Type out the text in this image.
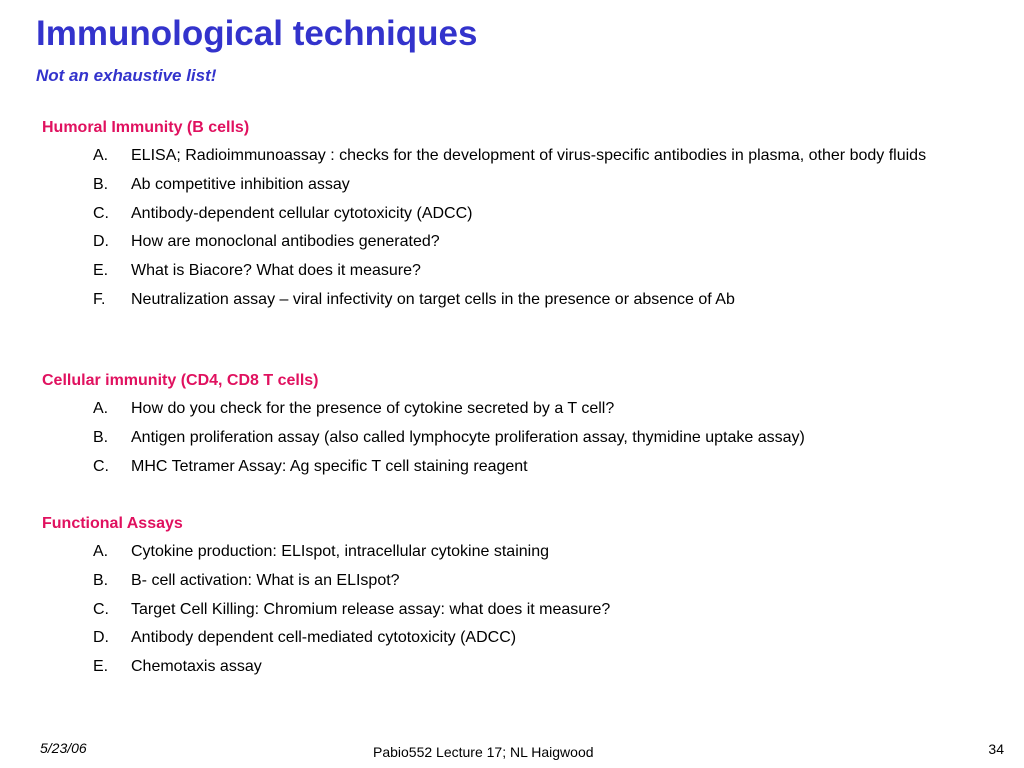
Immunological techniques
Not an exhaustive list!
Humoral Immunity (B cells)
A. ELISA; Radioimmunoassay : checks for the development of virus-specific antibodies in plasma, other body fluids
B. Ab competitive inhibition assay
C. Antibody-dependent cellular cytotoxicity (ADCC)
D. How are monoclonal antibodies generated?
E. What is Biacore? What does it measure?
F. Neutralization assay – viral infectivity on target cells in the presence or absence of Ab
Cellular immunity (CD4, CD8 T cells)
A. How do you check for the presence of cytokine secreted by a T cell?
B. Antigen proliferation assay (also called lymphocyte proliferation assay, thymidine uptake assay)
C. MHC Tetramer Assay: Ag specific T cell staining reagent
Functional Assays
A. Cytokine production: ELIspot, intracellular cytokine staining
B. B- cell activation: What is an ELIspot?
C. Target Cell Killing: Chromium release assay: what does it measure?
D. Antibody dependent cell-mediated cytotoxicity (ADCC)
E. Chemotaxis assay
5/23/06	Pabio552 Lecture 17; NL Haigwood	34
